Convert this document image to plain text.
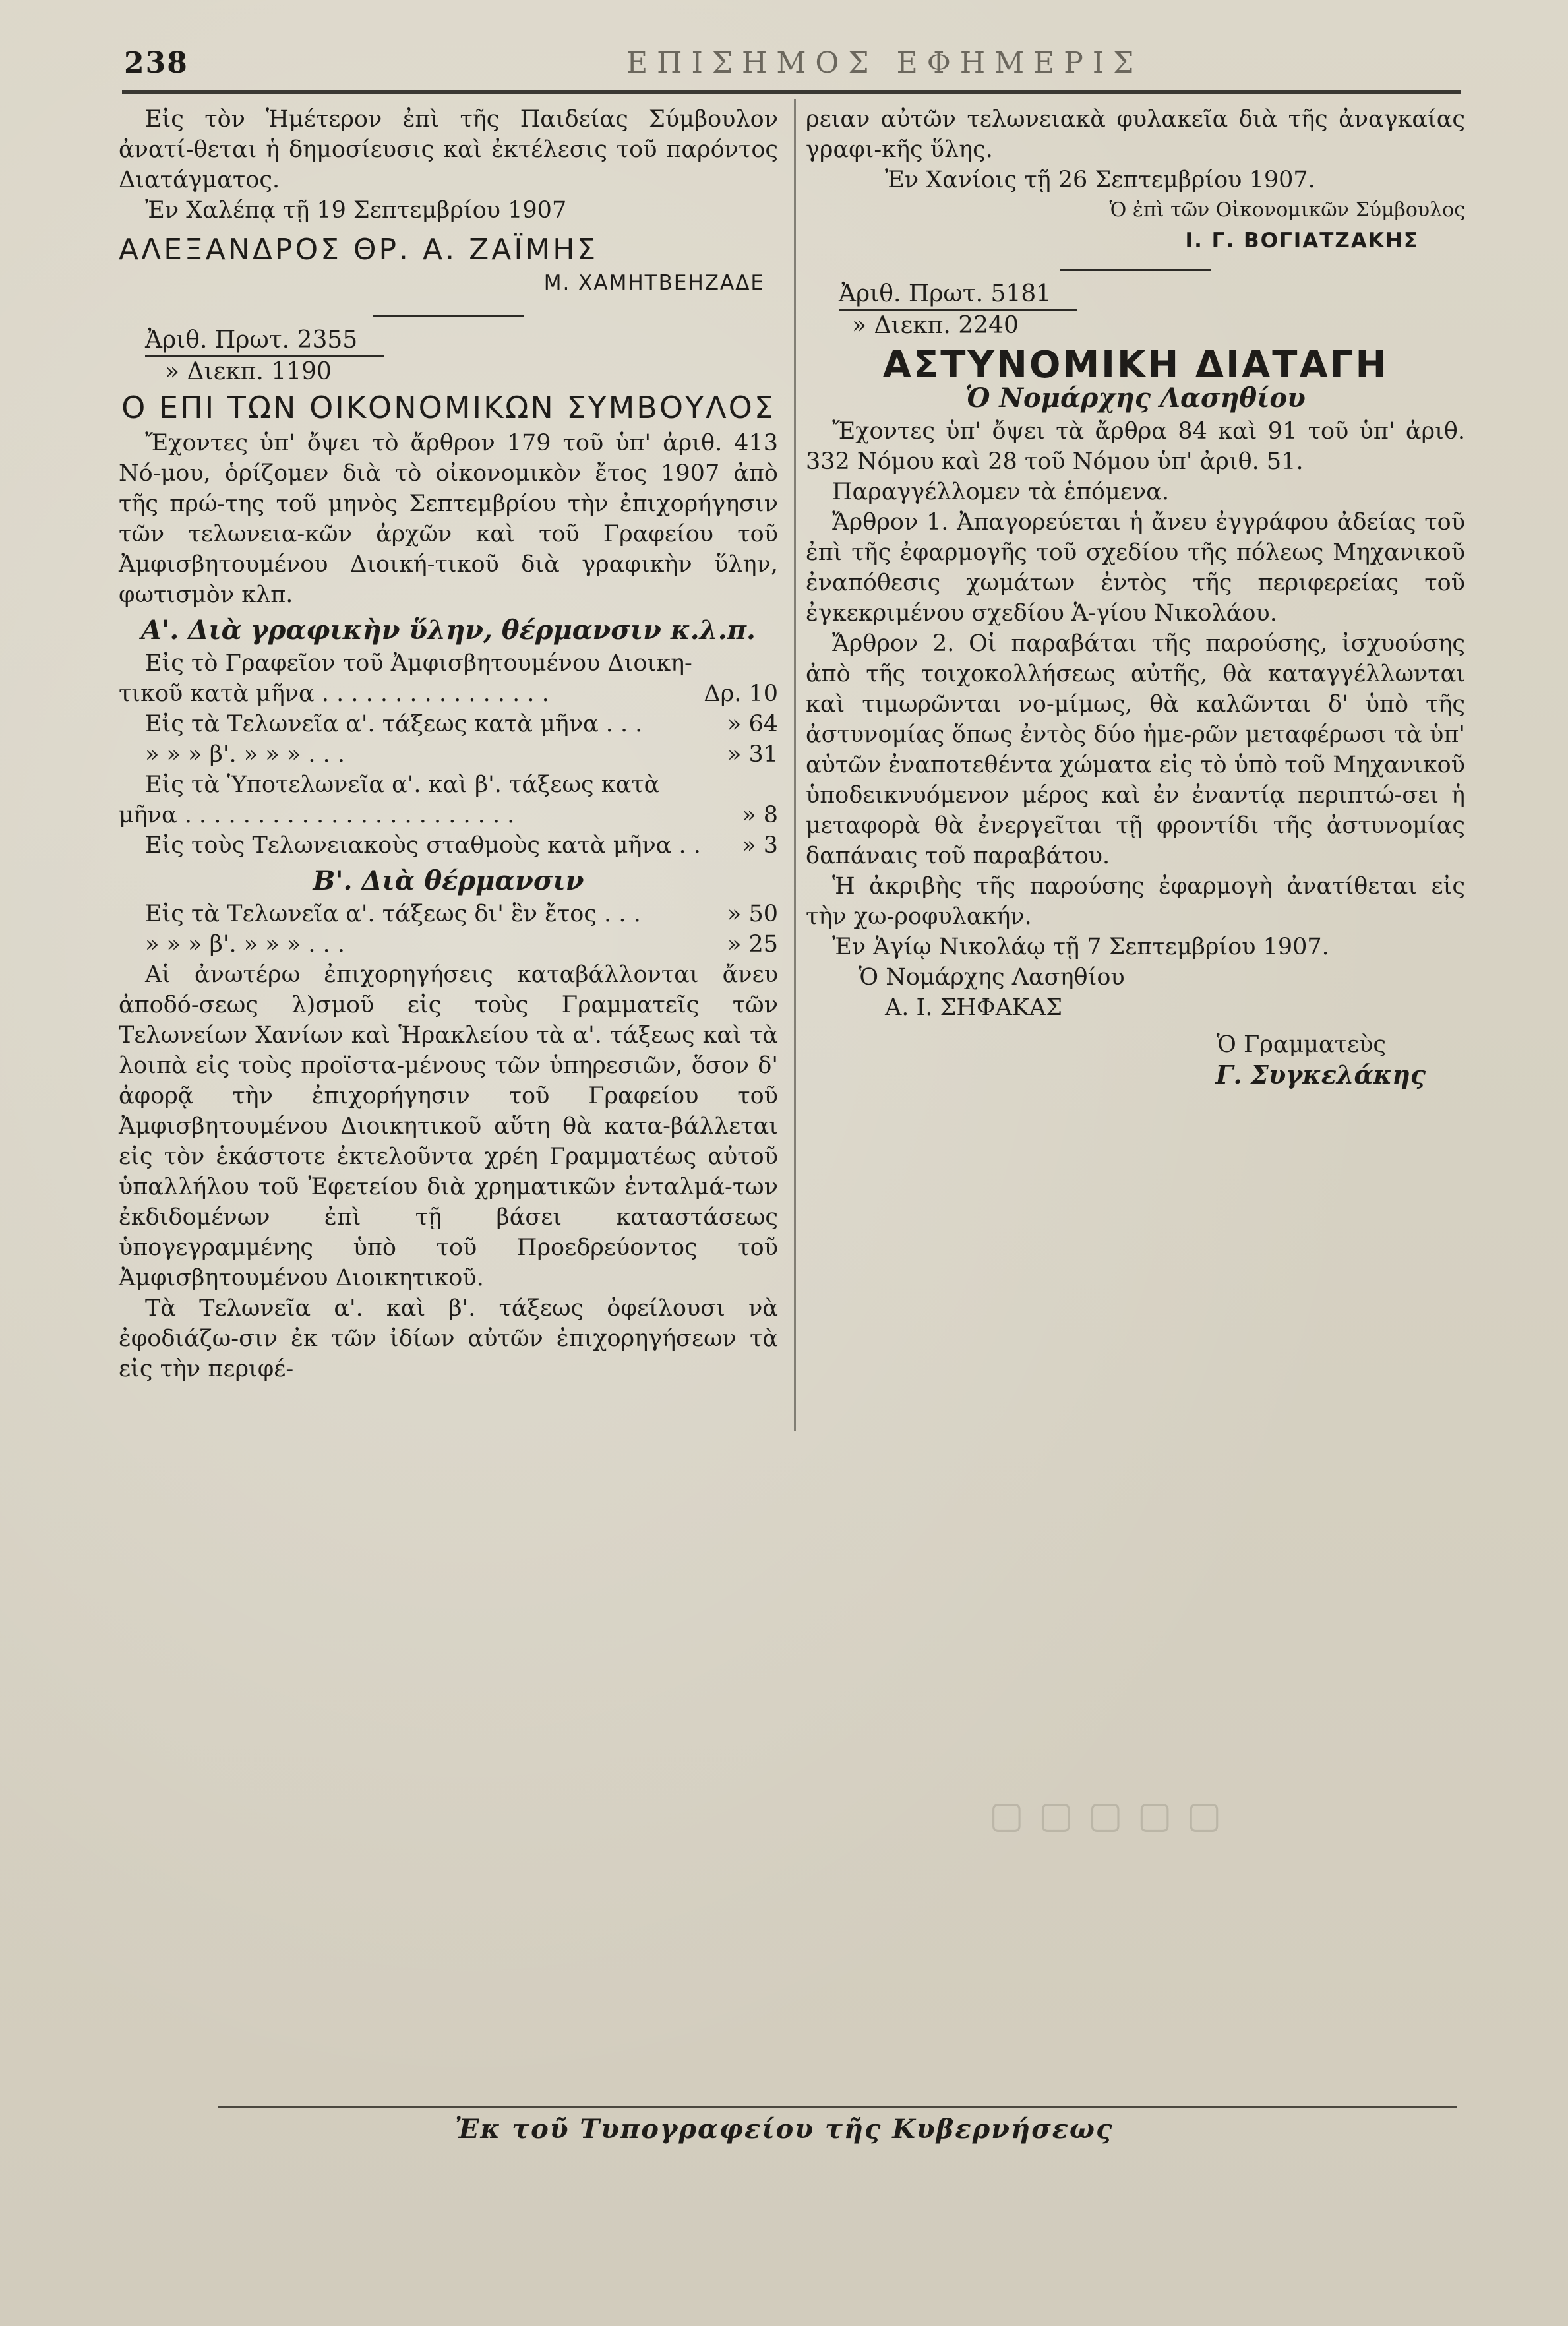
▢▢▢▢▢
238	ΕΠΙΣΗΜΟΣ ΕΦΗΜΕΡΙΣ

Εἰς τὸν Ἡμέτερον ἐπὶ τῆς Παιδείας Σύμβουλον ἀνατί-θεται ἡ δημοσίευσις καὶ ἐκτέλεσις τοῦ παρόντος Διατάγματος.

Ἐν Χαλέπᾳ τῇ 19 Σεπτεμβρίου 1907

ΑΛΕΞΑΝΔΡΟΣ ΘΡ. Α. ΖΑΪΜΗΣ

Μ. ΧΑΜΗΤΒΕΗΖΑΔΕ

Ἀριθ. Πρωτ. 2355

» Διεκπ. 1190

Ο ΕΠΙ ΤΩΝ ΟΙΚΟΝΟΜΙΚΩΝ ΣΥΜΒΟΥΛΟΣ

Ἔχοντες ὑπ' ὄψει τὸ ἄρθρον 179 τοῦ ὑπ' ἀριθ. 413 Νό-μου, ὁρίζομεν διὰ τὸ οἰκονομικὸν ἔτος 1907 ἀπὸ τῆς πρώ-της τοῦ μηνὸς Σεπτεμβρίου τὴν ἐπιχορήγησιν τῶν τελωνεια-κῶν ἀρχῶν καὶ τοῦ Γραφείου τοῦ Ἀμφισβητουμένου Διοική-τικοῦ διὰ γραφικὴν ὕλην, φωτισμὸν κλπ.

Α'. Διὰ γραφικὴν ὕλην, θέρμανσιν κ.λ.π.

Εἰς τὸ Γραφεῖον τοῦ Ἀμφισβητουμένου Διοικη-

τικοῦ κατὰ μῆνα . . . . . . . . . . . . . . . .	Δρ. 10
Εἰς τὰ Τελωνεῖα α'. τάξεως κατὰ μῆνα . . .	» 64
» » » β'. » » » . . .	» 31

Εἰς τὰ Ὑποτελωνεῖα α'. καὶ β'. τάξεως κατὰ

μῆνα . . . . . . . . . . . . . . . . . . . . . . .	» 8
Εἰς τοὺς Τελωνειακοὺς σταθμοὺς κατὰ μῆνα . .	» 3

Β'. Διὰ θέρμανσιν

Εἰς τὰ Τελωνεῖα α'. τάξεως δι' ἓν ἔτος . . .	» 50
» » » β'. » » » . . .	» 25

Αἱ ἀνωτέρω ἐπιχορηγήσεις καταβάλλονται ἄνευ ἀποδό-σεως λ)σμοῦ εἰς τοὺς Γραμματεῖς τῶν Τελωνείων Χανίων καὶ Ἡρακλείου τὰ α'. τάξεως καὶ τὰ λοιπὰ εἰς τοὺς προϊστα-μένους τῶν ὑπηρεσιῶν, ὅσον δ' ἀφορᾷ τὴν ἐπιχορήγησιν τοῦ Γραφείου τοῦ Ἀμφισβητουμένου Διοικητικοῦ αὕτη θὰ κατα-βάλλεται εἰς τὸν ἑκάστοτε ἐκτελοῦντα χρέη Γραμματέως αὐτοῦ ὑπαλλήλου τοῦ Ἐφετείου διὰ χρηματικῶν ἐνταλμά-των ἐκδιδομένων ἐπὶ τῇ βάσει καταστάσεως ὑπογεγραμμένης ὑπὸ τοῦ Προεδρεύοντος τοῦ Ἀμφισβητουμένου Διοικητικοῦ.

Τὰ Τελωνεῖα α'. καὶ β'. τάξεως ὀφείλουσι νὰ ἐφοδιάζω-σιν ἐκ τῶν ἰδίων αὐτῶν ἐπιχορηγήσεων τὰ εἰς τὴν περιφέ-

ρειαν αὐτῶν τελωνειακὰ φυλακεῖα διὰ τῆς ἀναγκαίας γραφι-κῆς ὕλης.

Ἐν Χανίοις τῇ 26 Σεπτεμβρίου 1907.

Ὁ ἐπὶ τῶν Οἰκονομικῶν Σύμβουλος

Ι. Γ. ΒΟΓΙΑΤΖΑΚΗΣ

Ἀριθ. Πρωτ. 5181

» Διεκπ. 2240

ΑΣΤΥΝΟΜΙΚΗ ΔΙΑΤΑΓΗ

Ὁ Νομάρχης Λασηθίου

Ἔχοντες ὑπ' ὄψει τὰ ἄρθρα 84 καὶ 91 τοῦ ὑπ' ἀριθ. 332 Νόμου καὶ 28 τοῦ Νόμου ὑπ' ἀριθ. 51.

Παραγγέλλομεν τὰ ἑπόμενα.

Ἄρθρον 1. Ἀπαγορεύεται ἡ ἄνευ ἐγγράφου ἀδείας τοῦ ἐπὶ τῆς ἐφαρμογῆς τοῦ σχεδίου τῆς πόλεως Μηχανικοῦ ἐναπόθεσις χωμάτων ἐντὸς τῆς περιφερείας τοῦ ἐγκεκριμένου σχεδίου Ἁ-γίου Νικολάου.

Ἄρθρον 2. Οἱ παραβάται τῆς παρούσης, ἰσχυούσης ἀπὸ τῆς τοιχοκολλήσεως αὐτῆς, θὰ καταγγέλλωνται καὶ τιμωρῶνται νο-μίμως, θὰ καλῶνται δ' ὑπὸ τῆς ἀστυνομίας ὅπως ἐντὸς δύο ἡμε-ρῶν μεταφέρωσι τὰ ὑπ' αὐτῶν ἐναποτεθέντα χώματα εἰς τὸ ὑπὸ τοῦ Μηχανικοῦ ὑποδεικνυόμενον μέρος καὶ ἐν ἐναντίᾳ περιπτώ-σει ἡ μεταφορὰ θὰ ἐνεργεῖται τῇ φροντίδι τῆς ἀστυνομίας δαπάναις τοῦ παραβάτου.

Ἡ ἀκριβὴς τῆς παρούσης ἐφαρμογὴ ἀνατίθεται εἰς τὴν χω-ροφυλακήν.

Ἐν Ἁγίῳ Νικολάῳ τῇ 7 Σεπτεμβρίου 1907.

Ὁ Νομάρχης Λασηθίου

Α. Ι. ΣΗΦΑΚΑΣ

Ὁ Γραμματεὺς

Γ. Συγκελάκης

Ἐκ τοῦ Τυπογραφείου τῆς Κυβερνήσεως
